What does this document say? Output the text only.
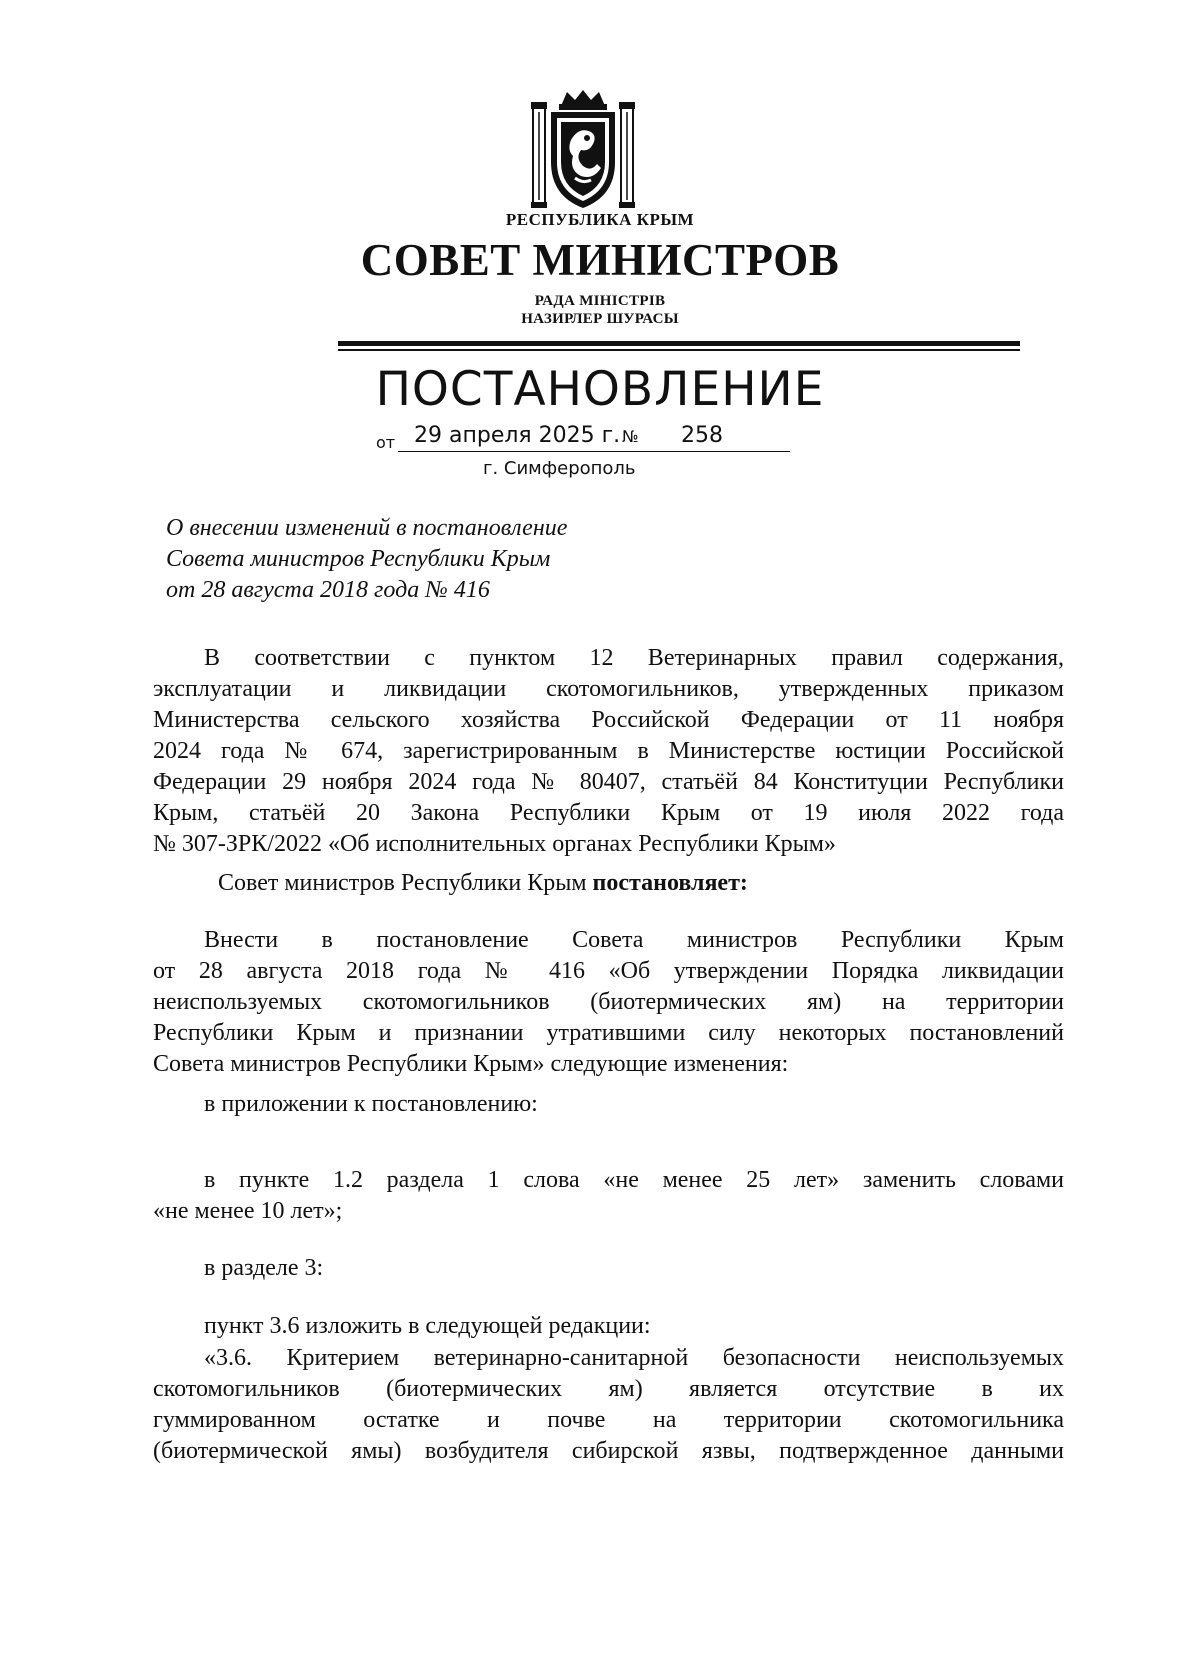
РЕСПУБЛИКА КРЫМ
СОВЕТ МИНИСТРОВ
РАДА МІНІСТРІВ
НАЗИРЛЕР ШУРАСЫ
ПОСТАНОВЛЕНИЕ
от 29 апреля 2025 г. № 258
г. Симферополь
О внесении изменений в постановление
Совета министров Республики Крым
от 28 августа 2018 года № 416
В соответствии с пунктом 12 Ветеринарных правил содержания,
эксплуатации и ликвидации скотомогильников, утвержденных приказом
Министерства сельского хозяйства Российской Федерации от 11 ноября
2024 года № 674, зарегистрированным в Министерстве юстиции Российской
Федерации 29 ноября 2024 года № 80407, статьёй 84 Конституции Республики
Крым, статьёй 20 Закона Республики Крым от 19 июля 2022 года
№ 307-ЗРК/2022 «Об исполнительных органах Республики Крым»
Совет министров Республики Крым постановляет:
Внести в постановление Совета министров Республики Крым
от 28 августа 2018 года № 416 «Об утверждении Порядка ликвидации
неиспользуемых скотомогильников (биотермических ям) на территории
Республики Крым и признании утратившими силу некоторых постановлений
Совета министров Республики Крым» следующие изменения:
в приложении к постановлению:
в пункте 1.2 раздела 1 слова «не менее 25 лет» заменить словами
«не менее 10 лет»;
в разделе 3:
пункт 3.6 изложить в следующей редакции:
«3.6. Критерием ветеринарно-санитарной безопасности неиспользуемых
скотомогильников (биотермических ям) является отсутствие в их
гуммированном остатке и почве на территории скотомогильника
(биотермической ямы) возбудителя сибирской язвы, подтвержденное данными
